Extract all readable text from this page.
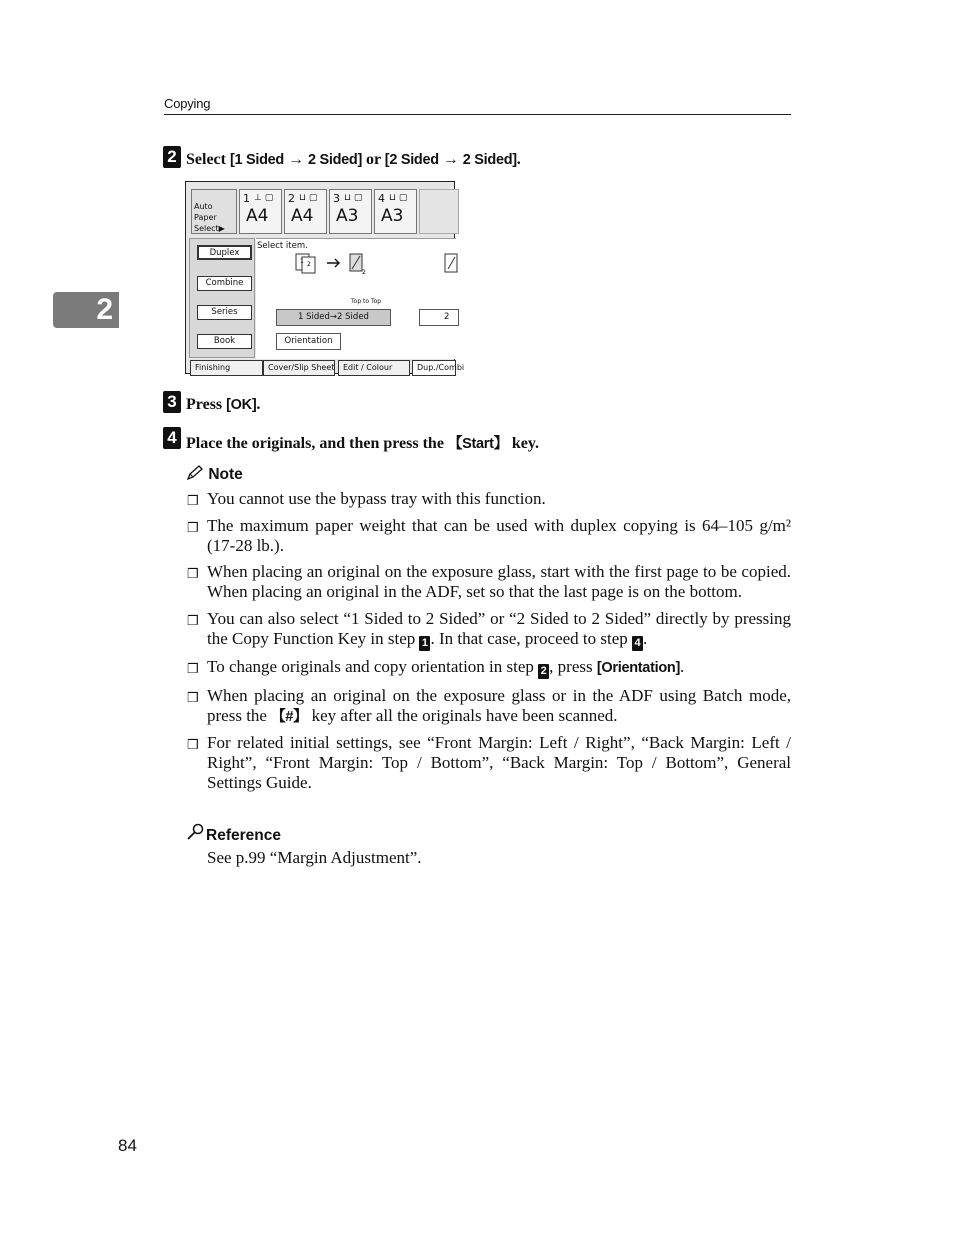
Copying
2
2 Select [1 Sided → 2 Sided] or [2 Sided → 2 Sided].
Auto Paper Select▶
1 ⊥ ▢
A4
2 ⊔ ▢
A4
3 ⊔ ▢
A3
4 ⊔ ▢
A3
Duplex
Combine
Series
Book
Select item.
1 2
2
Top to Top
1 Sided→2 Sided	2
Orientation
Finishing	Cover/Slip Sheet	Edit / Colour	Dup./Combi
3 Press [OK].
4 Place the originals, and then press the 【Start】 key.
Note
❒ You cannot use the bypass tray with this function.
❒ The maximum paper weight that can be used with duplex copying is 64–105 g/m² (17-28 lb.).
❒ When placing an original on the exposure glass, start with the first page to be copied. When placing an original in the ADF, set so that the last page is on the bottom.
❒ You can also select “1 Sided to 2 Sided” or “2 Sided to 2 Sided” directly by pressing the Copy Function Key in step 1 . In that case, proceed to step 4 .
❒ To change originals and copy orientation in step 2 , press [Orientation].
❒ When placing an original on the exposure glass or in the ADF using Batch mode, press the 【#】 key after all the originals have been scanned.
❒ For related initial settings, see “Front Margin: Left / Right”, “Back Margin: Left / Right”, “Front Margin: Top / Bottom”, “Back Margin: Top / Bottom”, General Settings Guide.
Reference
See p.99 “Margin Adjustment”.
84
